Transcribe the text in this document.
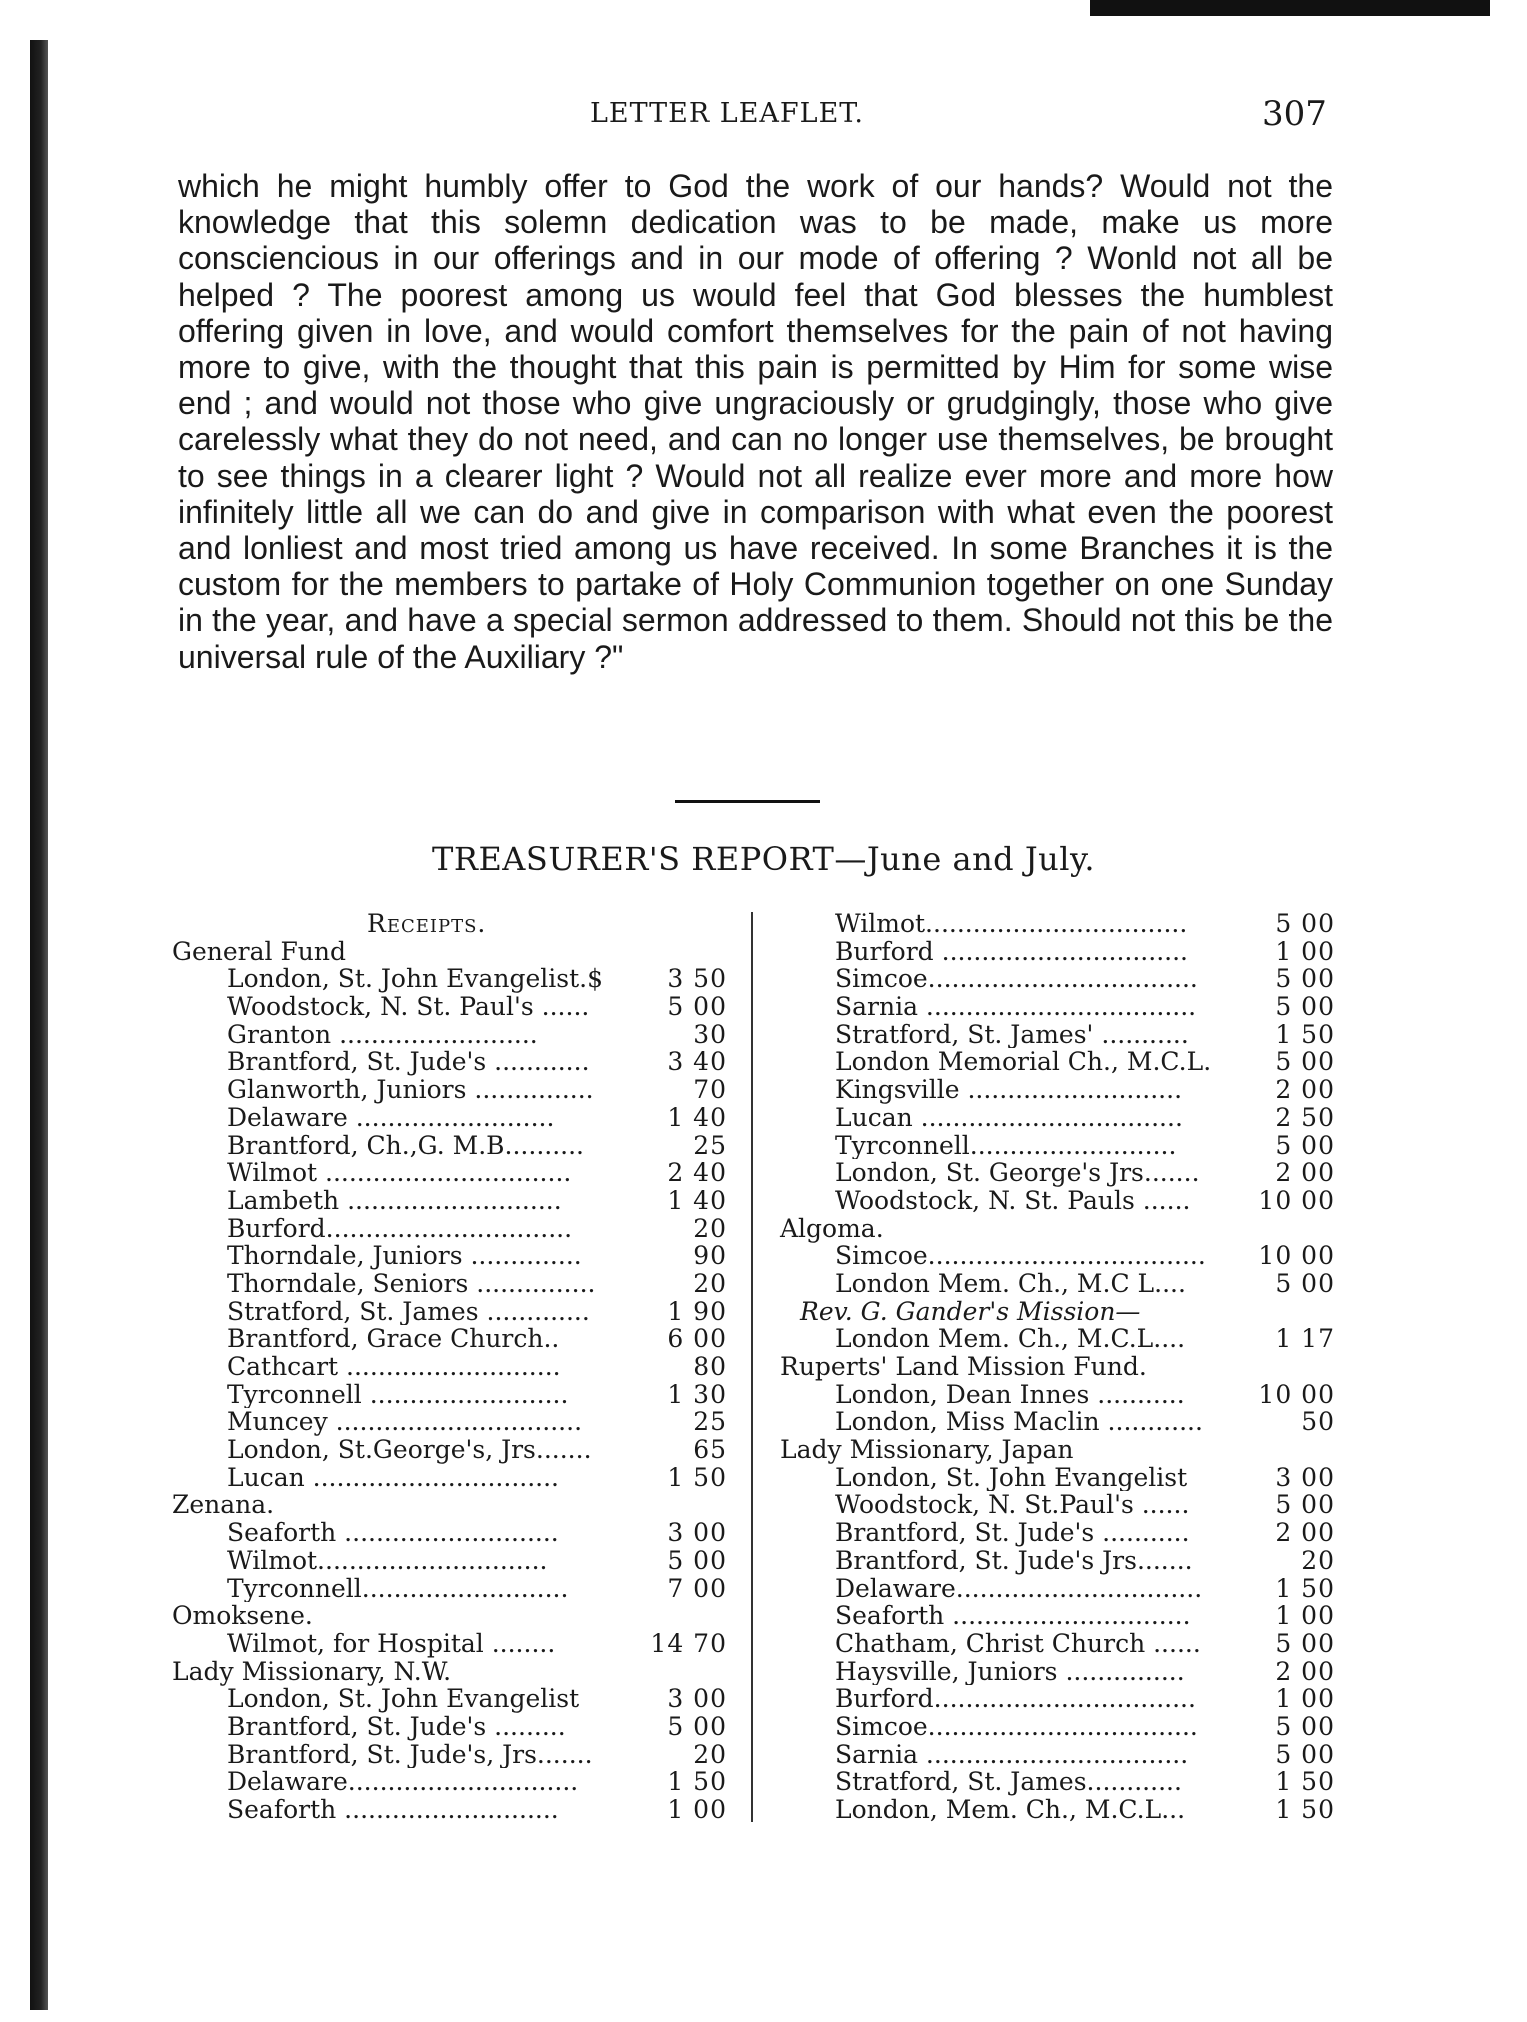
LETTER LEAFLET.	307

which he might humbly offer to God the work of our hands? Would not the knowledge that this solemn dedication was to be made, make us more consciencious in our offerings and in our mode of offering ? Wonld not all be helped ? The poorest among us would feel that God blesses the humblest offering given in love, and would comfort themselves for the pain of not having more to give, with the thought that this pain is permitted by Him for some wise end ; and would not those who give ungraciously or grudgingly, those who give carelessly what they do not need, and can no longer use themselves, be brought to see things in a clearer light ? Would not all realize ever more and more how infinitely little all we can do and give in comparison with what even the poorest and lonliest and most tried among us have received. In some Branches it is the custom for the members to partake of Holy Communion together on one Sunday in the year, and have a special sermon addressed to them. Should not this be the universal rule of the Auxiliary ?"

TREASURER'S REPORT—June and July.
Receipts.
General Fund
London, St. John Evangelist.$	3 50
Woodstock, N. St. Paul's ......	5 00
Granton .........................	30
Brantford, St. Jude's ............	3 40
Glanworth, Juniors ...............	70
Delaware .........................	1 40
Brantford, Ch.,G. M.B..........	25
Wilmot ...............................	2 40
Lambeth ...........................	1 40
Burford...............................	20
Thorndale, Juniors ..............	90
Thorndale, Seniors ...............	20
Stratford, St. James .............	1 90
Brantford, Grace Church..	6 00
Cathcart ...........................	80
Tyrconnell .........................	1 30
Muncey ...............................	25
London, St.George's, Jrs.......	65
Lucan ...............................	1 50
Zenana.
Seaforth ...........................	3 00
Wilmot.............................	5 00
Tyrconnell..........................	7 00
Omoksene.
Wilmot, for Hospital ........	14 70
Lady Missionary, N.W.
London, St. John Evangelist	3 00
Brantford, St. Jude's .........	5 00
Brantford, St. Jude's, Jrs.......	20
Delaware.............................	1 50
Seaforth ...........................	1 00
Wilmot.................................	5 00
Burford ...............................	1 00
Simcoe..................................	5 00
Sarnia ..................................	5 00
Stratford, St. James' ...........	1 50
London Memorial Ch., M.C.L.	5 00
Kingsville ...........................	2 00
Lucan .................................	2 50
Tyrconnell..........................	5 00
London, St. George's Jrs.......	2 00
Woodstock, N. St. Pauls ......	10 00
Algoma.
Simcoe................................... 10 00
London Mem. Ch., M.C L....	5 00
Rev. G. Gander's Mission—
London Mem. Ch., M.C.L....	1 17
Ruperts' Land Mission Fund.
London, Dean Innes ...........	10 00
London, Miss Maclin ............	50
Lady Missionary, Japan
London, St. John Evangelist	3 00
Woodstock, N. St.Paul's ......	5 00
Brantford, St. Jude's ...........	2 00
Brantford, St. Jude's Jrs.......	20
Delaware...............................	1 50
Seaforth ..............................	1 00
Chatham, Christ Church ......	5 00
Haysville, Juniors ...............	2 00
Burford.................................	1 00
Simcoe..................................	5 00
Sarnia .................................	5 00
Stratford, St. James............	1 50
London, Mem. Ch., M.C.L...	1 50
